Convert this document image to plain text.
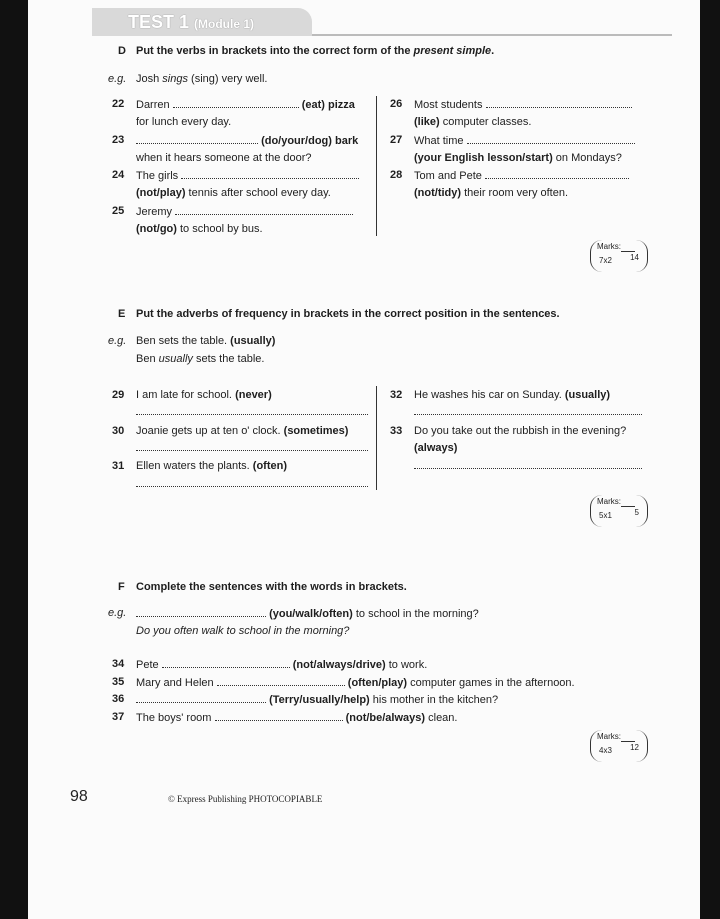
TEST 1 (Module 1)
D Put the verbs in brackets into the correct form of the present simple.
e.g. Josh sings (sing) very well.
22 Darren	(eat) pizza
for lunch every day.
23	(do/your/dog) bark
when it hears someone at the door?
24 The girls
(not/play) tennis after school every day.
25 Jeremy
(not/go) to school by bus.
26 Most students
(like) computer classes.
27 What time
(your English lesson/start) on Mondays?
28 Tom and Pete
(not/tidy) their room very often.
Marks:
7x2 14
E Put the adverbs of frequency in brackets in the correct position in the sentences.
e.g. Ben sets the table. (usually)
Ben usually sets the table.
29 I am late for school. (never)
30 Joanie gets up at ten o' clock. (sometimes)
31 Ellen waters the plants. (often)
32 He washes his car on Sunday. (usually)
33 Do you take out the rubbish in the evening?
(always)
Marks:
5x1	5
F Complete the sentences with the words in brackets.
e.g.	(you/walk/often) to school in the morning?
Do you often walk to school in the morning?
34 Pete	(not/always/drive) to work.
35 Mary and Helen	(often/play) computer games in the afternoon.
36	(Terry/usually/help) his mother in the kitchen?
37 The boys' room	(not/be/always) clean.
Marks:
4x3 12
98	© Express Publishing PHOTOCOPIABLE
